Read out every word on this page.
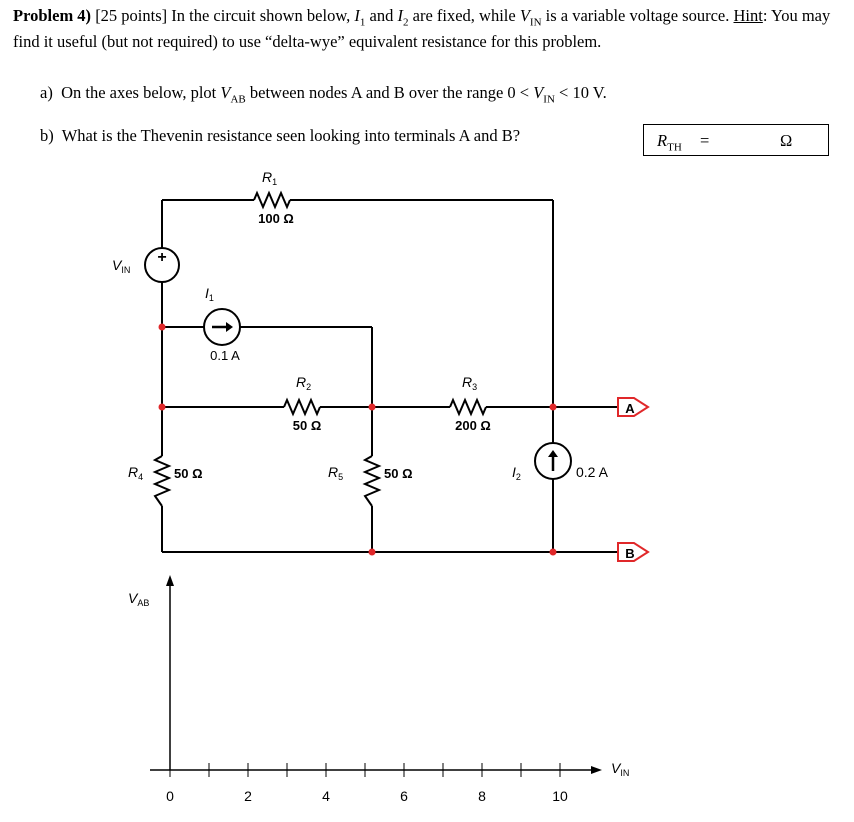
Problem 4) [25 points] In the circuit shown below, $I_1$ and $I_2$ are fixed, while $V_{IN}$ is a variable voltage source. Hint: You may find it useful (but not required) to use “delta-wye” equivalent resistance for this problem.
a) On the axes below, plot $V_{AB}$ between nodes A and B over the range $0 < V_{IN} < 10$ V.
b) What is the Thevenin resistance seen looking into terminals A and B?	$R_{TH}$ =	Ω
+
A
B
$V_{IN}$
$R_1$
100 Ω
$I_1$
0.1 A
$R_2$
50 Ω
$R_3$
200 Ω
$R_4$ 50 Ω	$R_5$	50 Ω	$I_2$	0.2 A
0	2	4	6	8	10
$V_{AB}$
$V_{IN}$
